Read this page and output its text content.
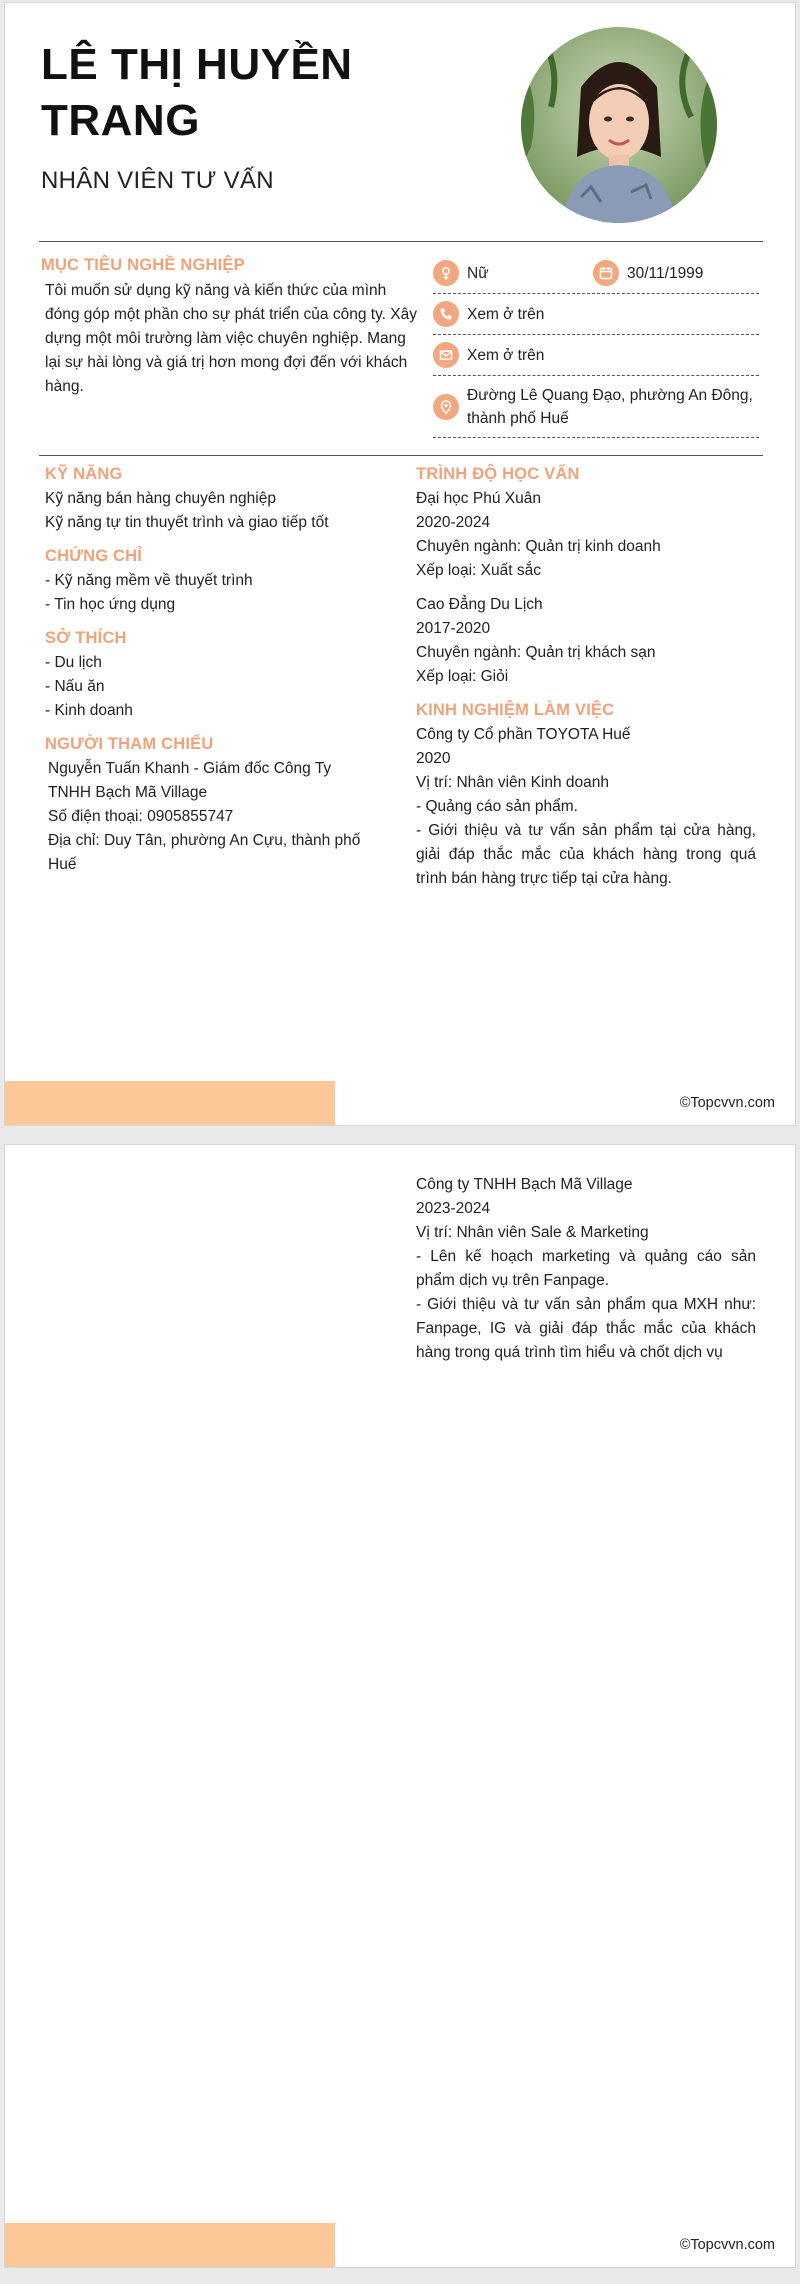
LÊ THỊ HUYỀN TRANG
NHÂN VIÊN TƯ VẤN
MỤC TIÊU NGHỀ NGHIỆP
Tôi muốn sử dụng kỹ năng và kiến thức của mình đóng góp một phần cho sự phát triển của công ty. Xây dựng một môi trường làm việc chuyên nghiệp. Mang lại sự hài lòng và giá trị hơn mong đợi đến với khách hàng.
Nữ	30/11/1999
Xem ở trên
Xem ở trên
Đường Lê Quang Đạo, phường An Đông, thành phố Huế
KỸ NĂNG
Kỹ năng bán hàng chuyên nghiệp
Kỹ năng tự tin thuyết trình và giao tiếp tốt
CHỨNG CHỈ
- Kỹ năng mềm về thuyết trình
- Tin học ứng dụng
SỞ THÍCH
- Du lịch
- Nấu ăn
- Kinh doanh
NGƯỜI THAM CHIẾU
Nguyễn Tuấn Khanh - Giám đốc Công Ty TNHH Bạch Mã Village
Số điện thoại: 0905855747
Địa chỉ: Duy Tân, phường An Cựu, thành phố Huế
TRÌNH ĐỘ HỌC VẤN
Đại học Phú Xuân
2020-2024
Chuyên ngành: Quản trị kinh doanh
Xếp loại: Xuất sắc
Cao Đẳng Du Lịch
2017-2020
Chuyên ngành: Quản trị khách sạn
Xếp loại: Giỏi
KINH NGHIỆM LÀM VIỆC
Công ty Cổ phần TOYOTA Huế
2020
Vị trí: Nhân viên Kinh doanh
- Quảng cáo sản phẩm.
- Giới thiệu và tư vấn sản phẩm tại cửa hàng, giải đáp thắc mắc của khách hàng trong quá trình bán hàng trực tiếp tại cửa hàng.
©Topcvvn.com
Công ty TNHH Bạch Mã Village
2023-2024
Vị trí: Nhân viên Sale & Marketing
- Lên kế hoạch marketing và quảng cáo sản phẩm dịch vụ trên Fanpage.
- Giới thiệu và tư vấn sản phẩm qua MXH như: Fanpage, IG và giải đáp thắc mắc của khách hàng trong quá trình tìm hiểu và chốt dịch vụ
©Topcvvn.com
